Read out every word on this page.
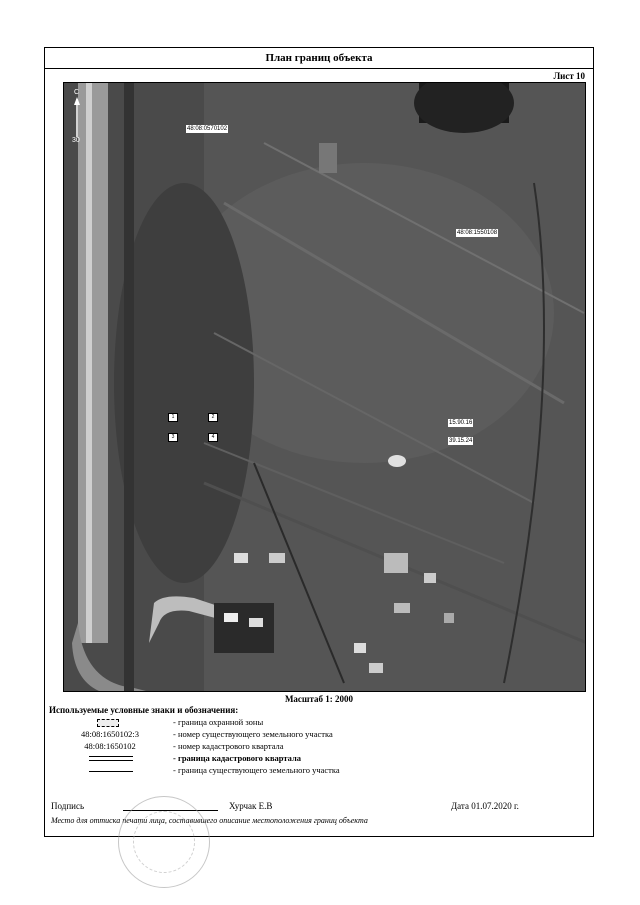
План границ объекта
Лист 10
С
30
48:08:0570102
48:08:1550108
1	2
3	4
15.90.16
39.15.24
Масштаб 1: 2000
Используемые условные знаки и обозначения:
- граница охранной зоны
48:08:1650102:3	- номер существующего земельного участка
48:08:1650102	- номер кадастрового квартала
- граница кадастрового квартала
- граница существующего земельного участка
Подпись	Хурчак Е.В	Дата 01.07.2020 г.
Место для оттиска печати лица, составившего описание местоположения границ объекта
